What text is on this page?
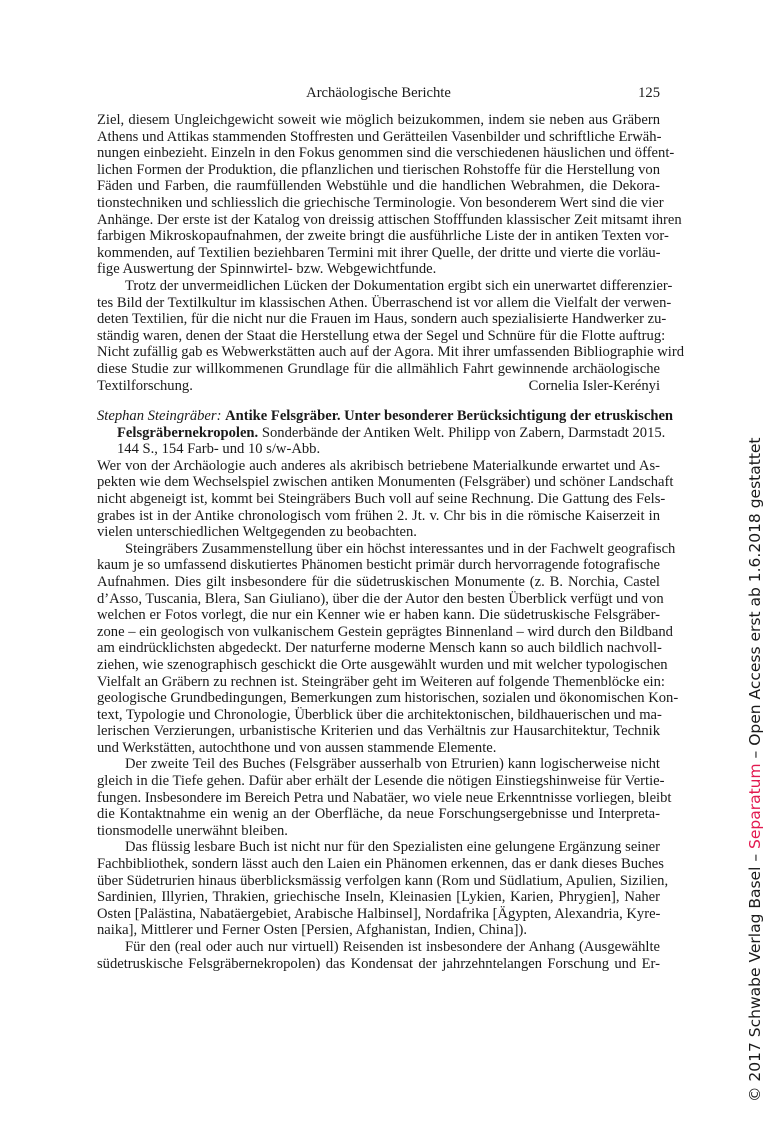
Archäologische Berichte	125
Ziel, diesem Ungleichgewicht soweit wie möglich beizukommen, indem sie neben aus Gräbern
Athens und Attikas stammenden Stoffresten und Gerätteilen Vasenbilder und schriftliche Erwäh-
nungen einbezieht. Einzeln in den Fokus genommen sind die verschiedenen häuslichen und öffent-
lichen Formen der Produktion, die pflanzlichen und tierischen Rohstoffe für die Herstellung von
Fäden und Farben, die raumfüllenden Webstühle und die handlichen Webrahmen, die Dekora-
tionstechniken und schliesslich die griechische Terminologie. Von besonderem Wert sind die vier
Anhänge. Der erste ist der Katalog von dreissig attischen Stofffunden klassischer Zeit mitsamt ihren
farbigen Mikroskopaufnahmen, der zweite bringt die ausführliche Liste der in antiken Texten vor-
kommenden, auf Textilien beziehbaren Termini mit ihrer Quelle, der dritte und vierte die vorläu-
fige Auswertung der Spinnwirtel- bzw. Webgewichtfunde.
Trotz der unvermeidlichen Lücken der Dokumentation ergibt sich ein unerwartet differenzier-
tes Bild der Textilkultur im klassischen Athen. Überraschend ist vor allem die Vielfalt der verwen-
deten Textilien, für die nicht nur die Frauen im Haus, sondern auch spezialisierte Handwerker zu-
ständig waren, denen der Staat die Herstellung etwa der Segel und Schnüre für die Flotte auftrug:
Nicht zufällig gab es Webwerkstätten auch auf der Agora. Mit ihrer umfassenden Bibliographie wird
diese Studie zur willkommenen Grundlage für die allmählich Fahrt gewinnende archäologische
Textilforschung.	Cornelia Isler-Kerényi
Stephan Steingräber: Antike Felsgräber. Unter besonderer Berücksichtigung der etruskischen
Felsgräbernekropolen. Sonderbände der Antiken Welt. Philipp von Zabern, Darmstadt 2015.
144 S., 154 Farb- und 10 s/w-Abb.
Wer von der Archäologie auch anderes als akribisch betriebene Materialkunde erwartet und As-
pekten wie dem Wechselspiel zwischen antiken Monumenten (Felsgräber) und schöner Landschaft
nicht abgeneigt ist, kommt bei Steingräbers Buch voll auf seine Rechnung. Die Gattung des Fels-
grabes ist in der Antike chronologisch vom frühen 2. Jt. v. Chr bis in die römische Kaiserzeit in
vielen unterschiedlichen Weltgegenden zu beobachten.
Steingräbers Zusammenstellung über ein höchst interessantes und in der Fachwelt geografisch
kaum je so umfassend diskutiertes Phänomen besticht primär durch hervorragende fotografische
Aufnahmen. Dies gilt insbesondere für die südetruskischen Monumente (z. B. Norchia, Castel
d’Asso, Tuscania, Blera, San Giuliano), über die der Autor den besten Überblick verfügt und von
welchen er Fotos vorlegt, die nur ein Kenner wie er haben kann. Die südetruskische Felsgräber-
zone – ein geologisch von vulkanischem Gestein geprägtes Binnenland – wird durch den Bildband
am eindrücklichsten abgedeckt. Der naturferne moderne Mensch kann so auch bildlich nachvoll-
ziehen, wie szenographisch geschickt die Orte ausgewählt wurden und mit welcher typologischen
Vielfalt an Gräbern zu rechnen ist. Steingräber geht im Weiteren auf folgende Themenblöcke ein:
geologische Grundbedingungen, Bemerkungen zum historischen, sozialen und ökonomischen Kon-
text, Typologie und Chronologie, Überblick über die architektonischen, bildhauerischen und ma-
lerischen Verzierungen, urbanistische Kriterien und das Verhältnis zur Hausarchitektur, Technik
und Werkstätten, autochthone und von aussen stammende Elemente.
Der zweite Teil des Buches (Felsgräber ausserhalb von Etrurien) kann logischerweise nicht
gleich in die Tiefe gehen. Dafür aber erhält der Lesende die nötigen Einstiegshinweise für Vertie-
fungen. Insbesondere im Bereich Petra und Nabatäer, wo viele neue Erkenntnisse vorliegen, bleibt
die Kontaktnahme ein wenig an der Oberfläche, da neue Forschungsergebnisse und Interpreta-
tionsmodelle unerwähnt bleiben.
Das flüssig lesbare Buch ist nicht nur für den Spezialisten eine gelungene Ergänzung seiner
Fachbibliothek, sondern lässt auch den Laien ein Phänomen erkennen, das er dank dieses Buches
über Südetrurien hinaus überblicksmässig verfolgen kann (Rom und Südlatium, Apulien, Sizilien,
Sardinien, Illyrien, Thrakien, griechische Inseln, Kleinasien [Lykien, Karien, Phrygien], Naher
Osten [Palästina, Nabatäergebiet, Arabische Halbinsel], Nordafrika [Ägypten, Alexandria, Kyre-
naika], Mittlerer und Ferner Osten [Persien, Afghanistan, Indien, China]).
Für den (real oder auch nur virtuell) Reisenden ist insbesondere der Anhang (Ausgewählte
südetruskische Felsgräbernekropolen) das Kondensat der jahrzehntelangen Forschung und Er-	© 2017 Schwabe Verlag Basel – Separatum – Open Access erst ab 1.6.2018 gestattet
